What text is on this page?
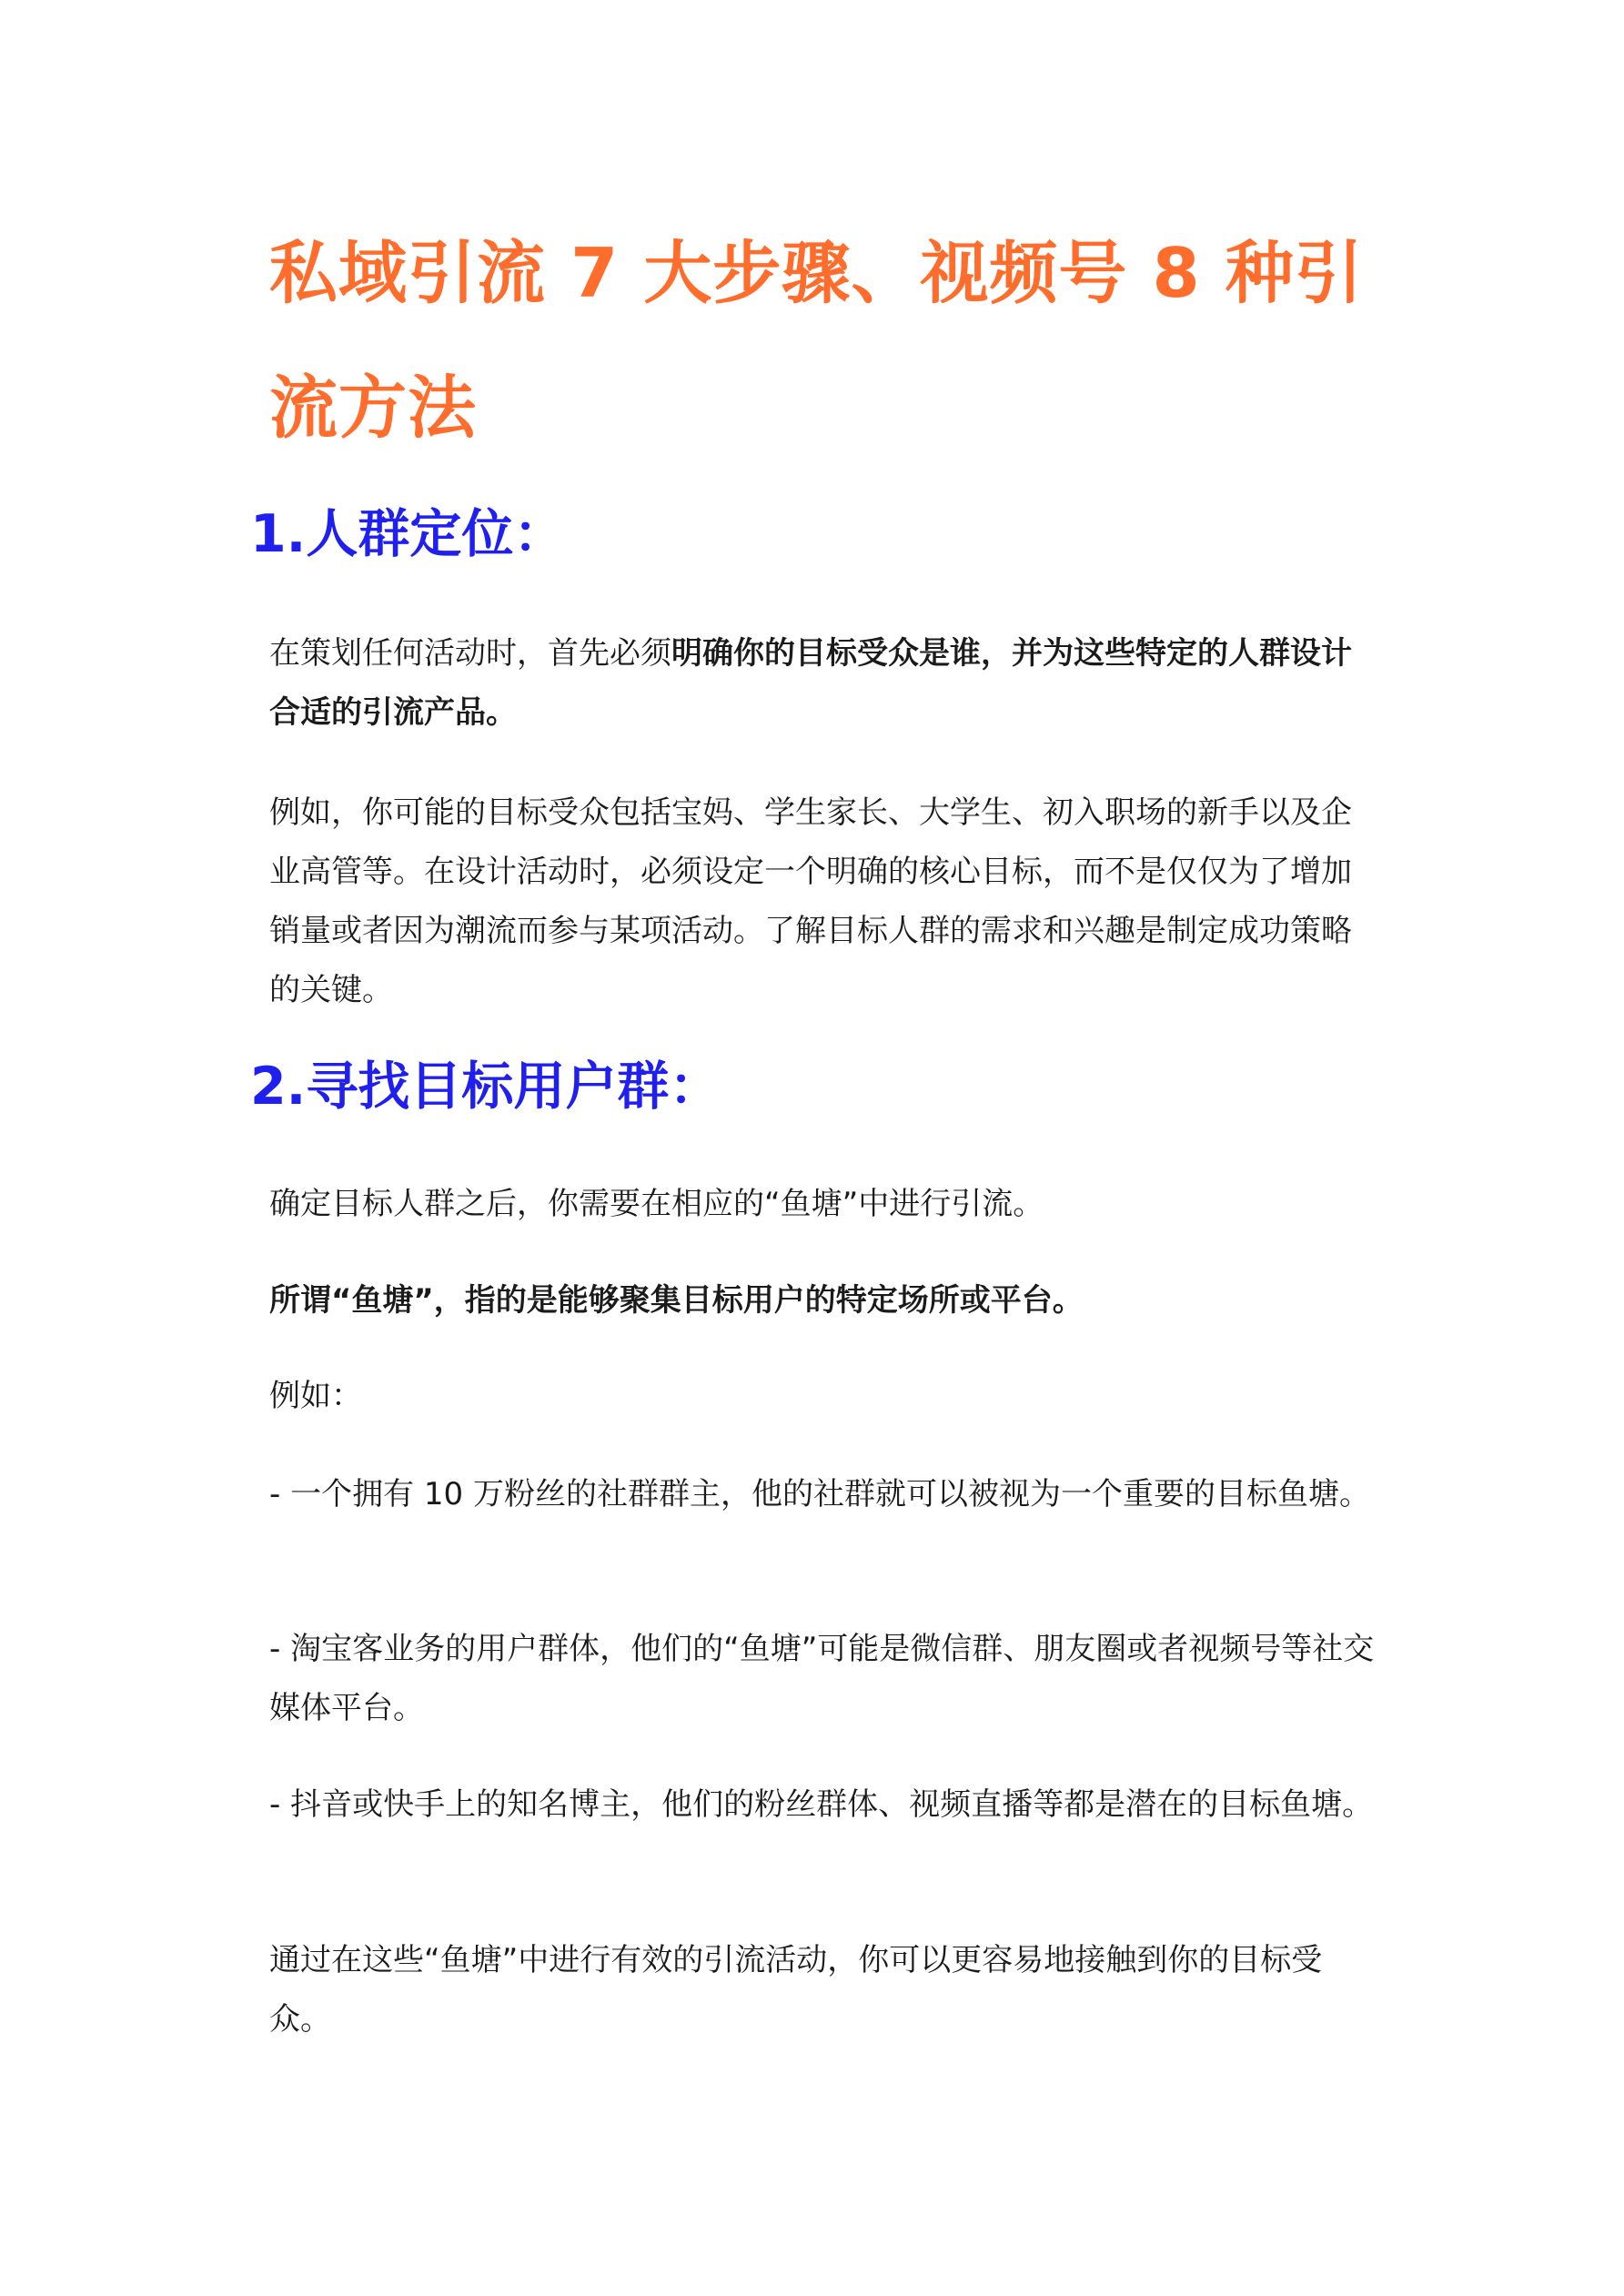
私域引流 7 大步骤、视频号 8 种引流方法
1.人群定位：

在策划任何活动时，首先必须明确你的目标受众是谁，并为这些特定的人群设计合适的引流产品。

例如，你可能的目标受众包括宝妈、学生家长、大学生、初入职场的新手以及企业高管等。在设计活动时，必须设定一个明确的核心目标，而不是仅仅为了增加销量或者因为潮流而参与某项活动。了解目标人群的需求和兴趣是制定成功策略的关键。

2.寻找目标用户群：

确定目标人群之后，你需要在相应的“鱼塘”中进行引流。

所谓“鱼塘”，指的是能够聚集目标用户的特定场所或平台。

例如：

- 一个拥有 10 万粉丝的社群群主，他的社群就可以被视为一个重要的目标鱼塘。

- 淘宝客业务的用户群体，他们的“鱼塘”可能是微信群、朋友圈或者视频号等社交媒体平台。

- 抖音或快手上的知名博主，他们的粉丝群体、视频直播等都是潜在的目标鱼塘。

通过在这些“鱼塘”中进行有效的引流活动，你可以更容易地接触到你的目标受众。
